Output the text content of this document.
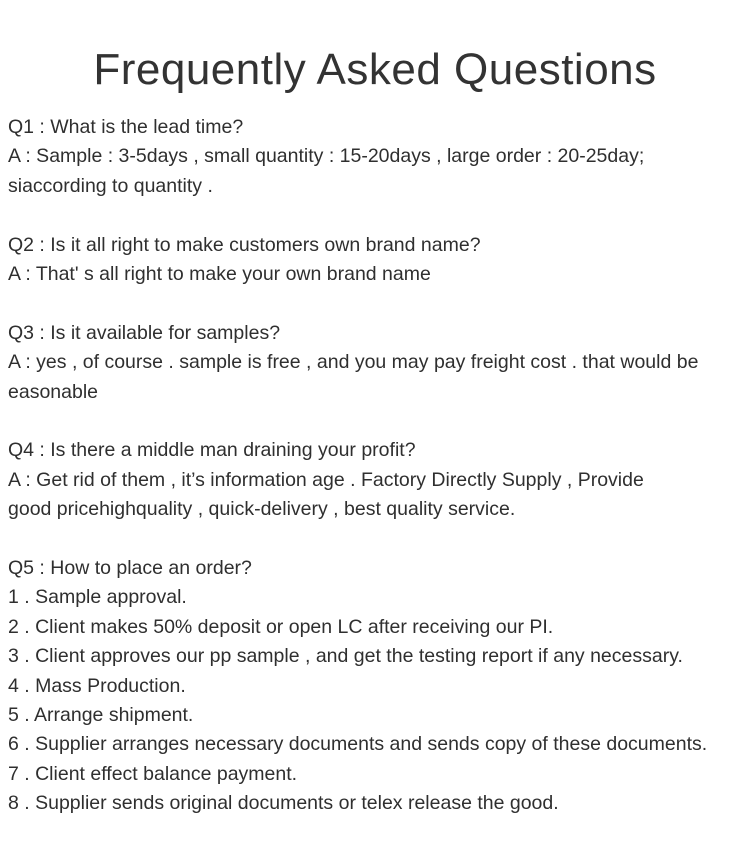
Frequently Asked Questions
Q1 : What is the lead time?
A : Sample : 3-5days , small quantity : 15-20days , large order : 20-25day;
siaccording to quantity .
Q2 : Is it all right to make customers own brand name?
A : That' s all right to make your own brand name
Q3 : Is it available for samples?
A : yes , of course . sample is free , and you may pay freight cost . that would be
easonable
Q4 : Is there a middle man draining your profit?
A : Get rid of them , it’s information age . Factory Directly Supply , Provide
good pricehighquality , quick-delivery , best quality service.
Q5 : How to place an order?
1 . Sample approval.
2 . Client makes 50% deposit or open LC after receiving our PI.
3 . Client approves our pp sample , and get the testing report if any necessary.
4 . Mass Production.
5 . Arrange shipment.
6 . Supplier arranges necessary documents and sends copy of these documents.
7 . Client effect balance payment.
8 . Supplier sends original documents or telex release the good.
